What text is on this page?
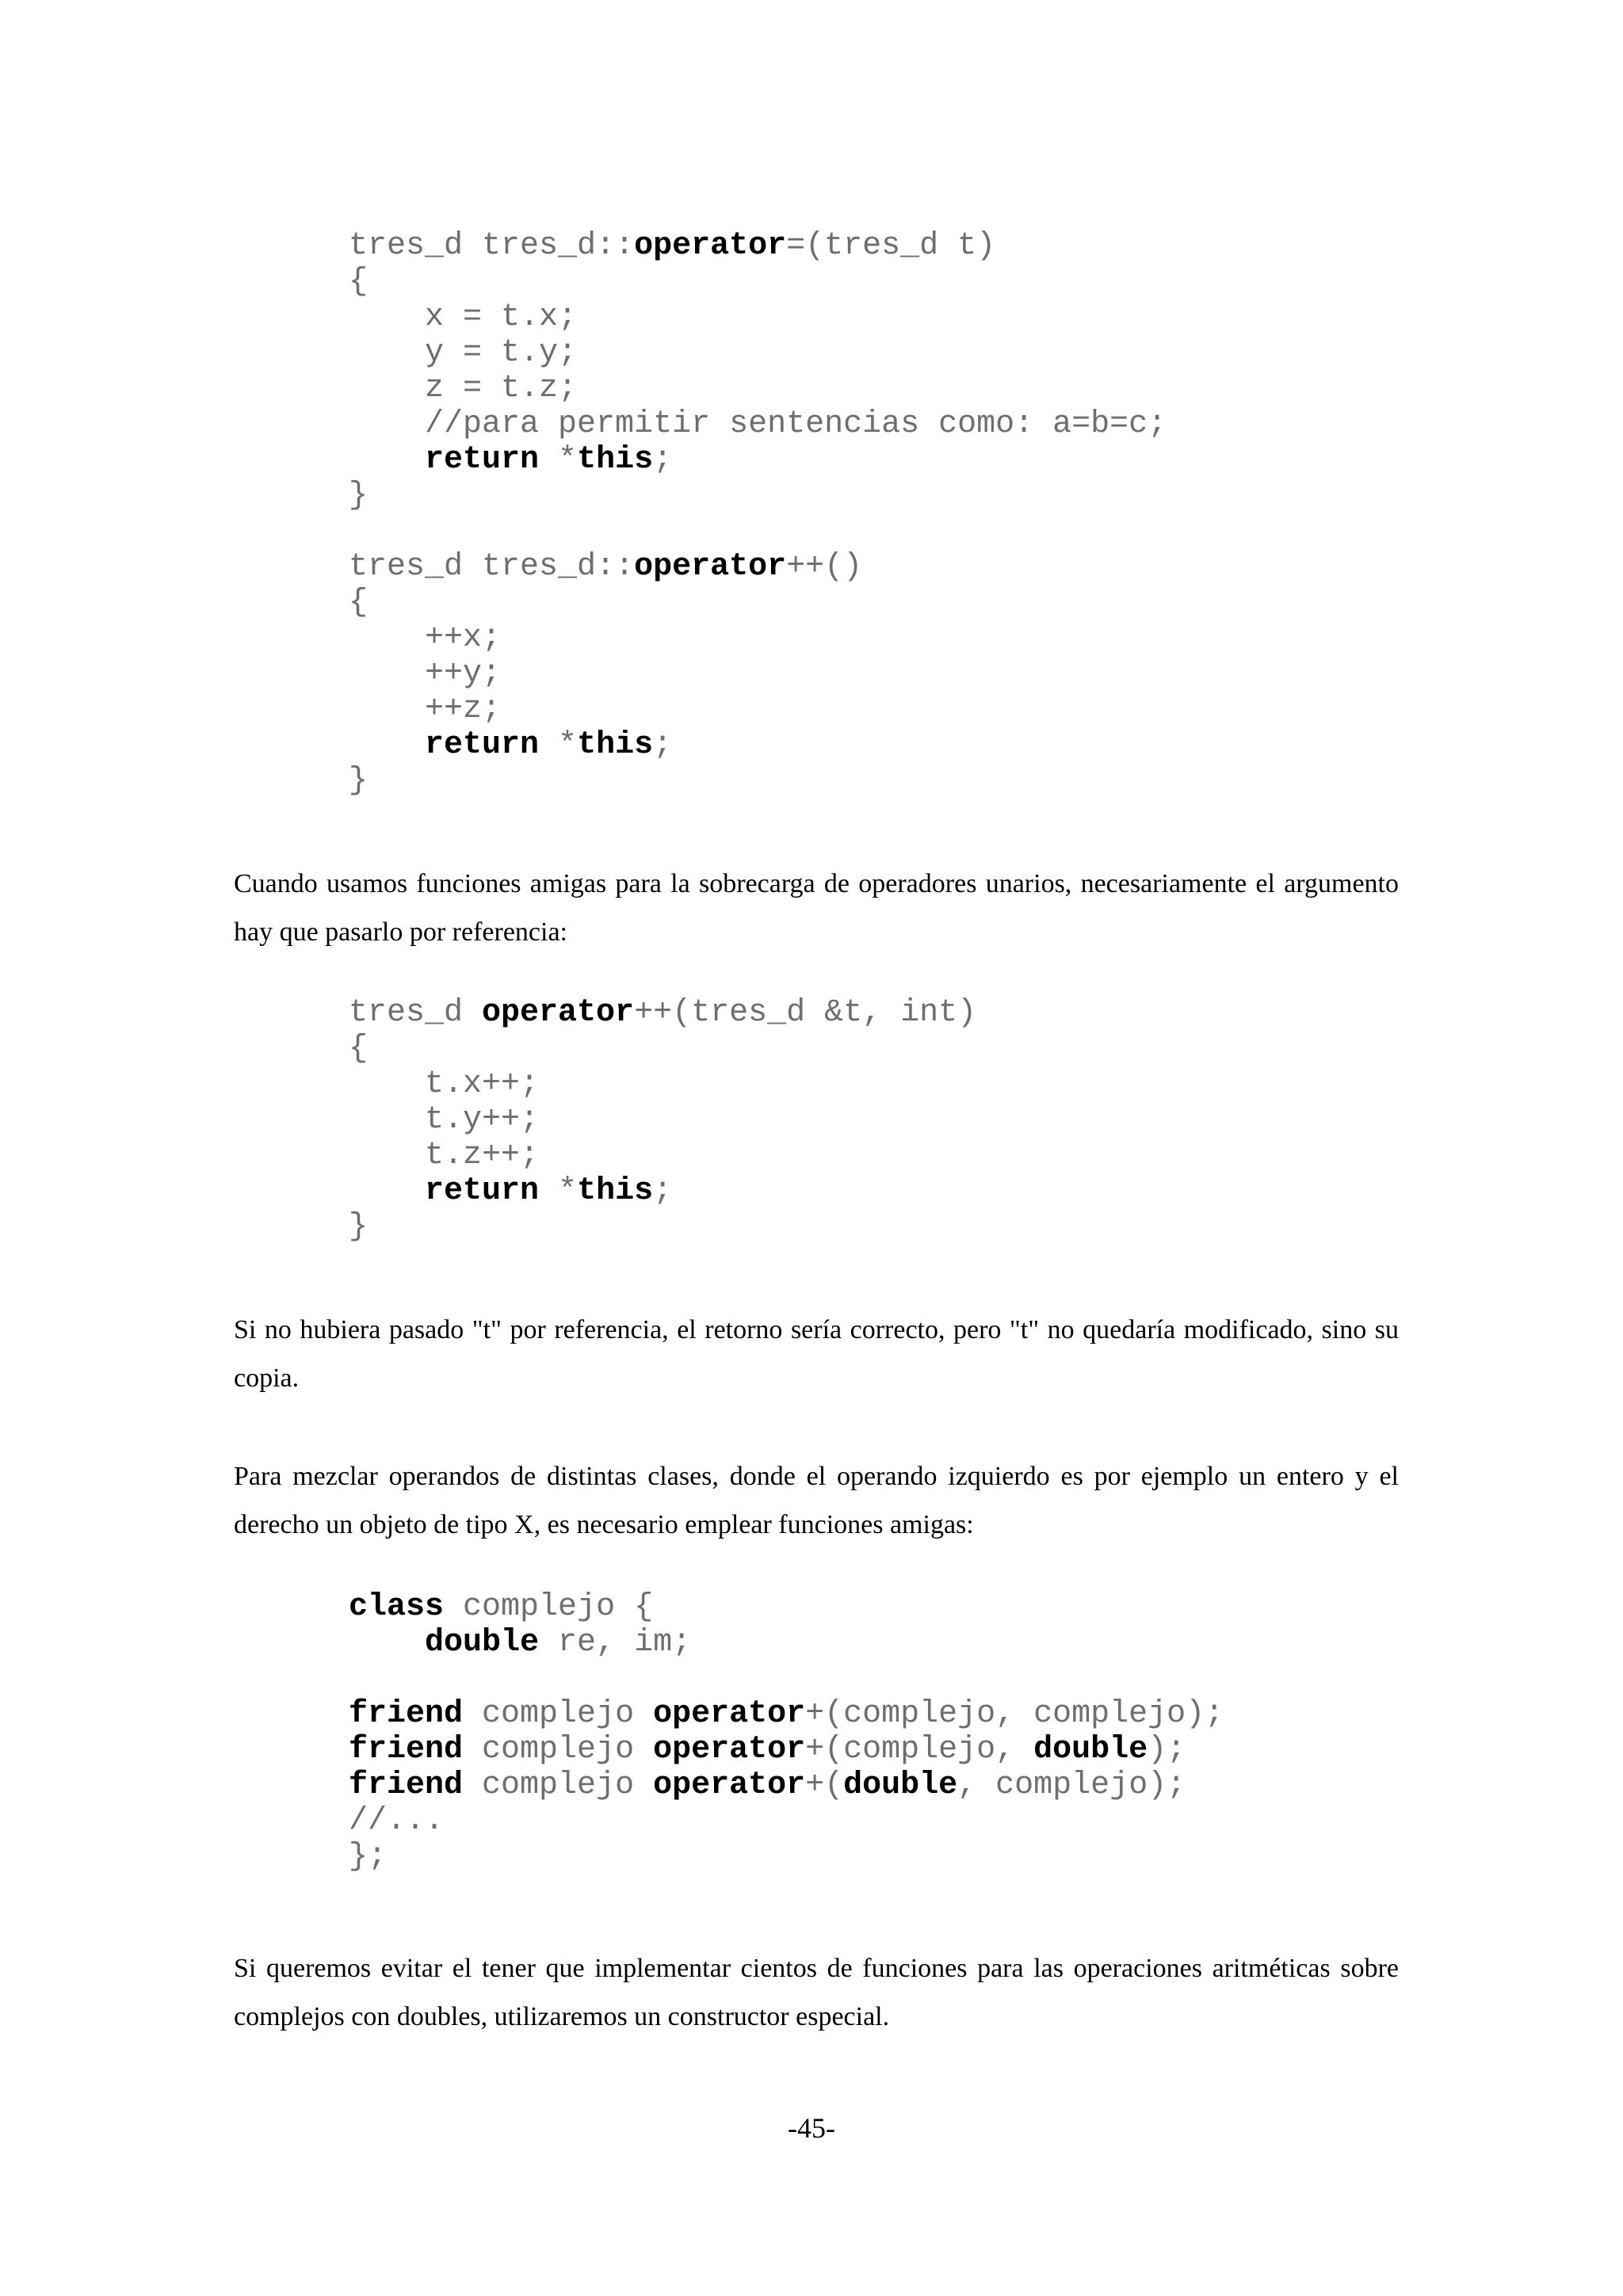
tres_d tres_d::operator=(tres_d t)
{
x = t.x;
y = t.y;
z = t.z;
//para permitir sentencias como: a=b=c;
return *this;
}
tres_d tres_d::operator++()
{
++x;
++y;
++z;
return *this;
}

Cuando usamos funciones amigas para la sobrecarga de operadores unarios, necesariamente el argumento hay que pasarlo por referencia:

tres_d operator++(tres_d &t, int)
{
t.x++;
t.y++;
t.z++;
return *this;
}

Si no hubiera pasado "t" por referencia, el retorno sería correcto, pero "t" no quedaría modificado, sino su copia.

Para mezclar operandos de distintas clases, donde el operando izquierdo es por ejemplo un entero y el derecho un objeto de tipo X, es necesario emplear funciones amigas:

class complejo {
double re, im;
friend complejo operator+(complejo, complejo);
friend complejo operator+(complejo, double);
friend complejo operator+(double, complejo);
//...
};

Si queremos evitar el tener que implementar cientos de funciones para las operaciones aritméticas sobre complejos con doubles, utilizaremos un constructor especial.

-45-
